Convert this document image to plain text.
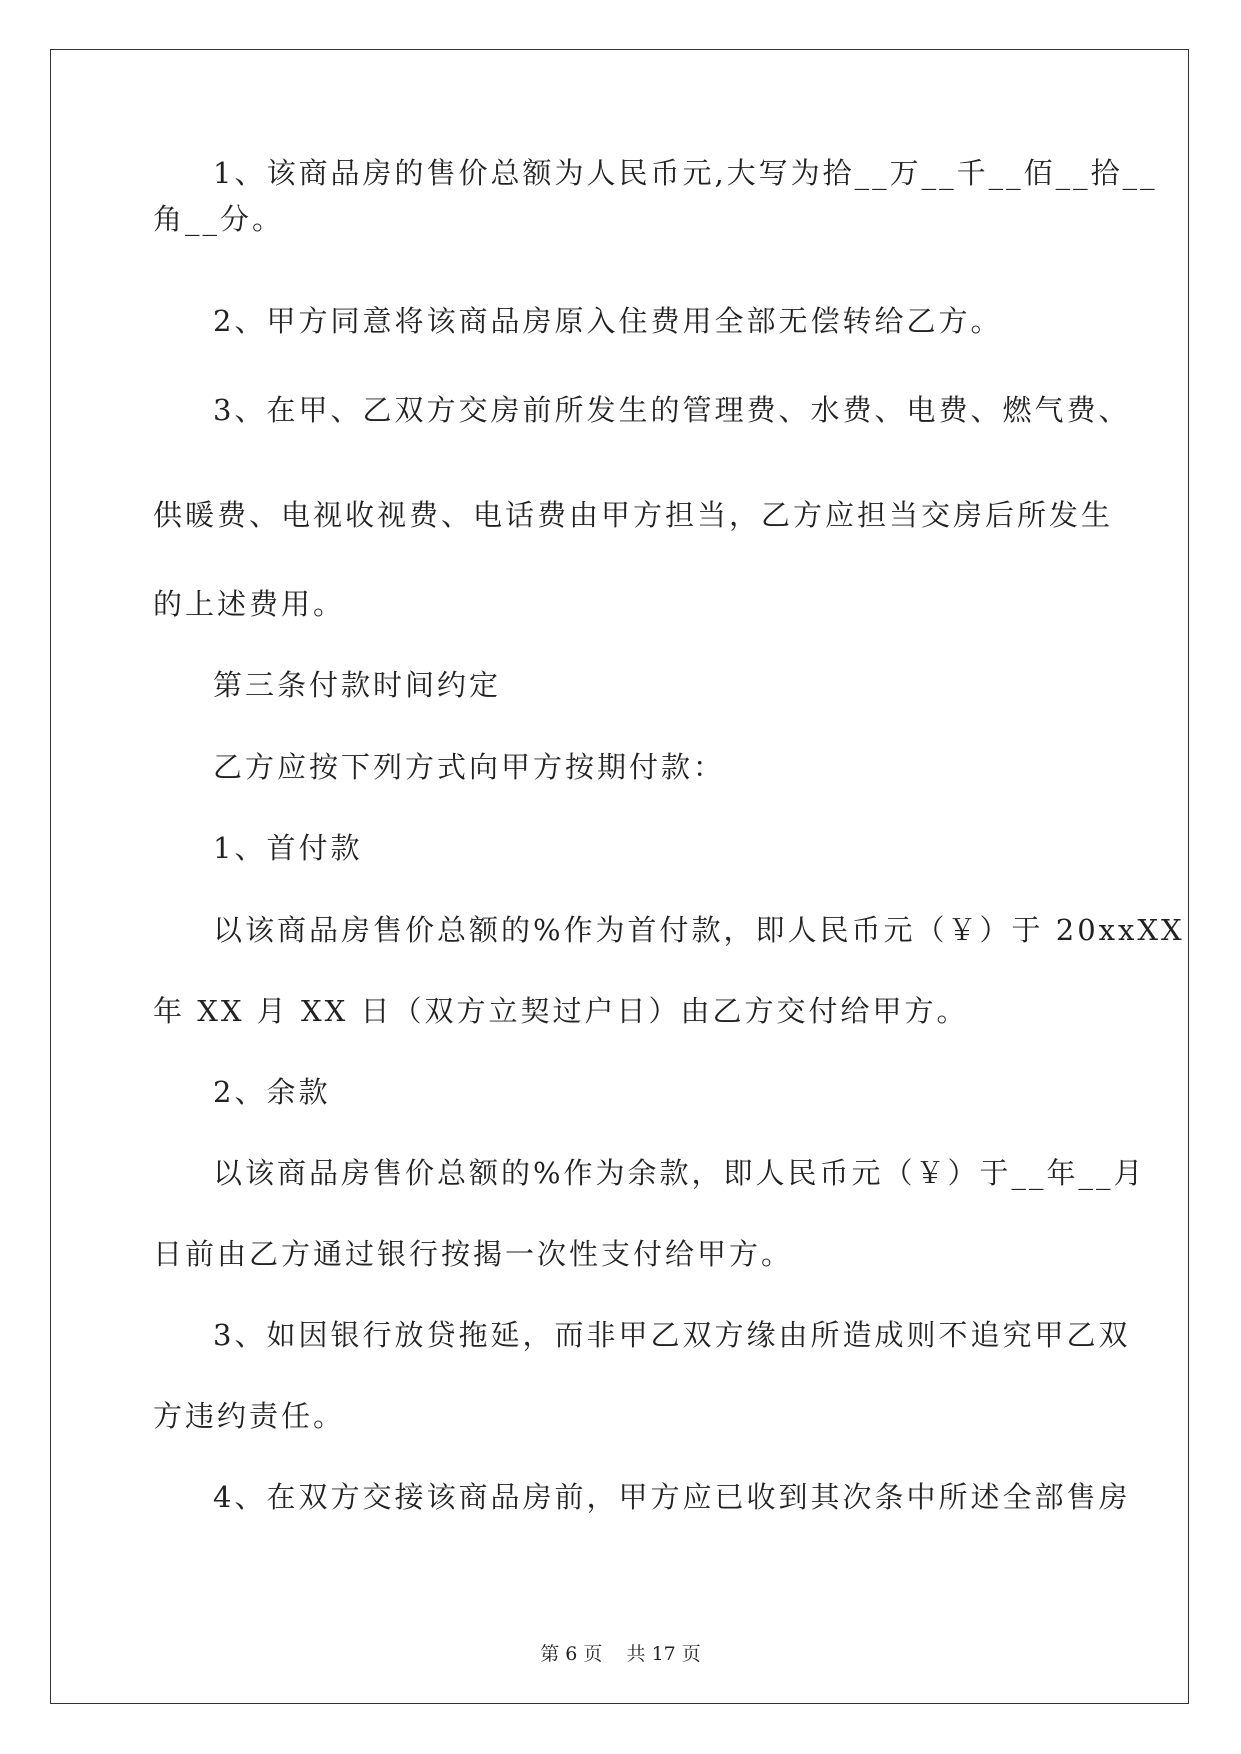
1、该商品房的售价总额为人民币元,大写为拾__万__千__佰__拾__
角__分。
2、甲方同意将该商品房原入住费用全部无偿转给乙方。
3、在甲、乙双方交房前所发生的管理费、水费、电费、燃气费、
供暖费、电视收视费、电话费由甲方担当，乙方应担当交房后所发生
的上述费用。
第三条付款时间约定
乙方应按下列方式向甲方按期付款：
1、首付款
以该商品房售价总额的%作为首付款，即人民币元（￥）于 20xxXX
年 XX 月 XX 日（双方立契过户日）由乙方交付给甲方。
2、余款
以该商品房售价总额的%作为余款，即人民币元（￥）于__年__月
日前由乙方通过银行按揭一次性支付给甲方。
3、如因银行放贷拖延，而非甲乙双方缘由所造成则不追究甲乙双
方违约责任。
4、在双方交接该商品房前，甲方应已收到其次条中所述全部售房
第 6 页    共 17 页
